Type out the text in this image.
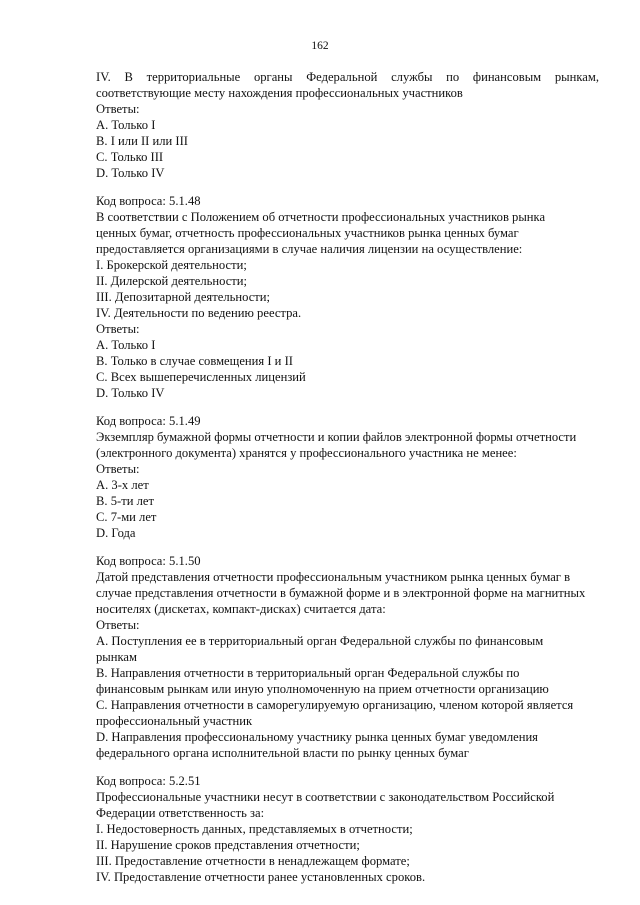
162
IV. В территориальные органы Федеральной службы по финансовым рынкам,
соответствующие месту нахождения профессиональных участников
Ответы:
A. Только I
B. I или II или III
C. Только III
D. Только IV
Код вопроса: 5.1.48
В соответствии с Положением об отчетности профессиональных участников рынка
ценных бумаг, отчетность профессиональных участников рынка ценных бумаг
предоставляется организациями в случае наличия лицензии на осуществление:
I. Брокерской деятельности;
II. Дилерской деятельности;
III. Депозитарной деятельности;
IV. Деятельности по ведению реестра.
Ответы:
A. Только I
B. Только в случае совмещения I и II
C. Всех вышеперечисленных лицензий
D. Только IV
Код вопроса: 5.1.49
Экземпляр бумажной формы отчетности и копии файлов электронной формы отчетности
(электронного документа) хранятся у профессионального участника не менее:
Ответы:
A. 3-х лет
B. 5-ти лет
C. 7-ми лет
D. Года
Код вопроса: 5.1.50
Датой представления отчетности профессиональным участником рынка ценных бумаг в
случае представления отчетности в бумажной форме и в электронной форме на магнитных
носителях (дискетах, компакт-дисках) считается дата:
Ответы:
A. Поступления ее в территориальный орган Федеральной службы по финансовым
рынкам
B. Направления отчетности в территориальный орган Федеральной службы по
финансовым рынкам или иную уполномоченную на прием отчетности организацию
C. Направления отчетности в саморегулируемую организацию, членом которой является
профессиональный участник
D. Направления профессиональному участнику рынка ценных бумаг уведомления
федерального органа исполнительной власти по рынку ценных бумаг
Код вопроса: 5.2.51
Профессиональные участники несут в соответствии с законодательством Российской
Федерации ответственность за:
I. Недостоверность данных, представляемых в отчетности;
II. Нарушение сроков представления отчетности;
III. Предоставление отчетности в ненадлежащем формате;
IV. Предоставление отчетности ранее установленных сроков.
